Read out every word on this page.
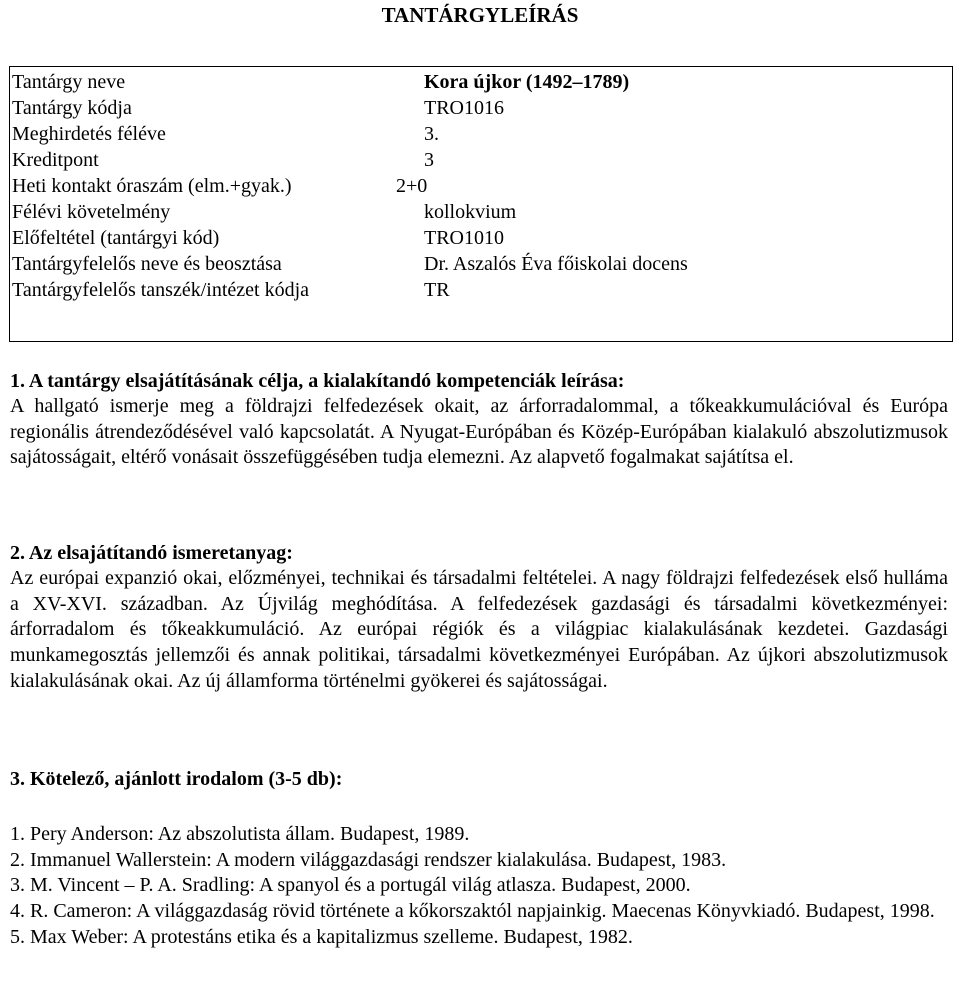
TANTÁRGYLEÍRÁS
Tantárgy neve	Kora újkor (1492–1789)
Tantárgy kódja	TRO1016
Meghirdetés féléve	3.
Kreditpont	3
Heti kontakt óraszám (elm.+gyak.)	2+0
Félévi követelmény	kollokvium
Előfeltétel (tantárgyi kód)	TRO1010
Tantárgyfelelős neve és beosztása	Dr. Aszalós Éva főiskolai docens
Tantárgyfelelős tanszék/intézet kódja	TR
1. A tantárgy elsajátításának célja, a kialakítandó kompetenciák leírása:

A hallgató ismerje meg a földrajzi felfedezések okait, az árforradalommal, a tőkeakkumulációval és Európa regionális átrendeződésével való kapcsolatát. A Nyugat-Európában és Közép-Európában kialakuló abszolutizmusok sajátosságait, eltérő vonásait összefüggésében tudja elemezni. Az alapvető fogalmakat sajátítsa el.

2. Az elsajátítandó ismeretanyag:

Az európai expanzió okai, előzményei, technikai és társadalmi feltételei. A nagy földrajzi felfedezések első hulláma a XV-XVI. században. Az Újvilág meghódítása. A felfedezések gazdasági és társadalmi következményei: árforradalom és tőkeakkumuláció. Az európai régiók és a világpiac kialakulásának kezdetei. Gazdasági munkamegosztás jellemzői és annak politikai, társadalmi következményei Európában. Az újkori abszolutizmusok kialakulásának okai. Az új államforma történelmi gyökerei és sajátosságai.

3. Kötelező, ajánlott irodalom (3-5 db):

1. Pery Anderson: Az abszolutista állam. Budapest, 1989.

2. Immanuel Wallerstein: A modern világgazdasági rendszer kialakulása. Budapest, 1983.

3. M. Vincent – P. A. Sradling: A spanyol és a portugál világ atlasza. Budapest, 2000.

4. R. Cameron: A világgazdaság rövid története a kőkorszaktól napjainkig. Maecenas Könyvkiadó. Budapest, 1998.

5. Max Weber: A protestáns etika és a kapitalizmus szelleme. Budapest, 1982.
